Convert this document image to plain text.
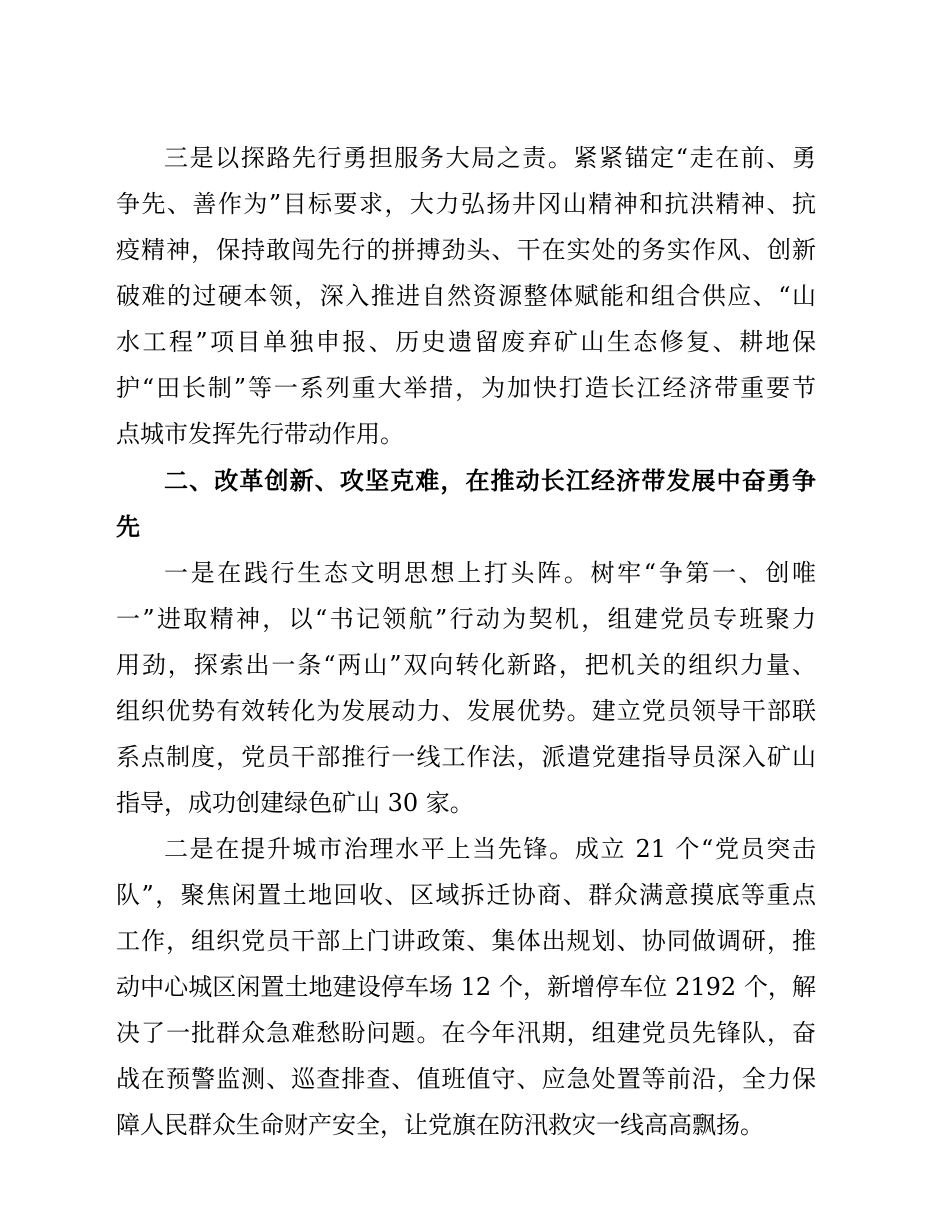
三是以探路先行勇担服务大局之责。紧紧锚定“走在前、勇
争先、善作为”目标要求，大力弘扬井冈山精神和抗洪精神、抗
疫精神，保持敢闯先行的拼搏劲头、干在实处的务实作风、创新
破难的过硬本领，深入推进自然资源整体赋能和组合供应、“山
水工程”项目单独申报、历史遗留废弃矿山生态修复、耕地保
护“田长制”等一系列重大举措，为加快打造长江经济带重要节
点城市发挥先行带动作用。
二、改革创新、攻坚克难，在推动长江经济带发展中奋勇争
先
一是在践行生态文明思想上打头阵。树牢“争第一、创唯
一”进取精神，以“书记领航”行动为契机，组建党员专班聚力
用劲，探索出一条“两山”双向转化新路，把机关的组织力量、
组织优势有效转化为发展动力、发展优势。建立党员领导干部联
系点制度，党员干部推行一线工作法，派遣党建指导员深入矿山
指导，成功创建绿色矿山 30 家。
二是在提升城市治理水平上当先锋。成立 21 个“党员突击
队”，聚焦闲置土地回收、区域拆迁协商、群众满意摸底等重点
工作，组织党员干部上门讲政策、集体出规划、协同做调研，推
动中心城区闲置土地建设停车场 12 个，新增停车位 2192 个，解
决了一批群众急难愁盼问题。在今年汛期，组建党员先锋队，奋
战在预警监测、巡查排查、值班值守、应急处置等前沿，全力保
障人民群众生命财产安全，让党旗在防汛救灾一线高高飘扬。
